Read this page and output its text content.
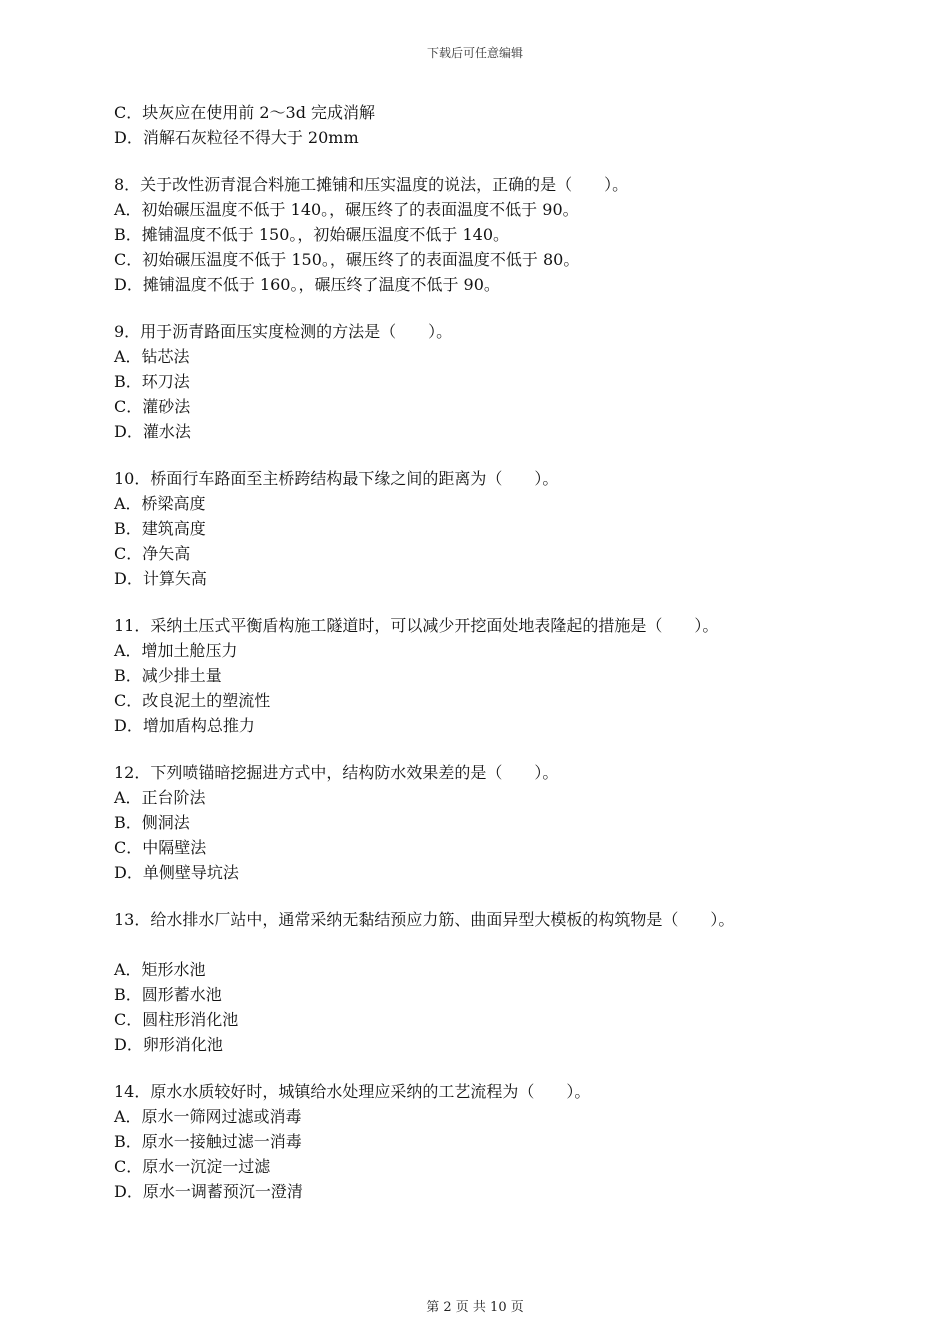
下载后可任意编辑
C．块灰应在使用前 2～3d 完成消解
D．消解石灰粒径不得大于 20mm
8．关于改性沥青混合料施工摊铺和压实温度的说法，正确的是（　　）。
A．初始碾压温度不低于 140。，碾压终了的表面温度不低于 90。
B．摊铺温度不低于 150。，初始碾压温度不低于 140。
C．初始碾压温度不低于 150。，碾压终了的表面温度不低于 80。
D．摊铺温度不低于 160。，碾压终了温度不低于 90。
9．用于沥青路面压实度检测的方法是（　　）。
A．钻芯法
B．环刀法
C．灌砂法
D．灌水法
10．桥面行车路面至主桥跨结构最下缘之间的距离为（　　）。
A．桥梁高度
B．建筑高度
C．净矢高
D．计算矢高
11．采纳土压式平衡盾构施工隧道时，可以减少开挖面处地表隆起的措施是（　　）。
A．增加土舱压力
B．减少排土量
C．改良泥土的塑流性
D．增加盾构总推力
12．下列喷锚暗挖掘进方式中，结构防水效果差的是（　　）。
A．正台阶法
B．侧洞法
C．中隔壁法
D．单侧壁导坑法
13．给水排水厂站中，通常采纳无黏结预应力筋、曲面异型大模板的构筑物是（　　）。
A．矩形水池
B．圆形蓄水池
C．圆柱形消化池
D．卵形消化池
14．原水水质较好时，城镇给水处理应采纳的工艺流程为（　　）。
A．原水一筛网过滤或消毒
B．原水一接触过滤一消毒
C．原水一沉淀一过滤
D．原水一调蓄预沉一澄清
第 2 页 共 10 页
